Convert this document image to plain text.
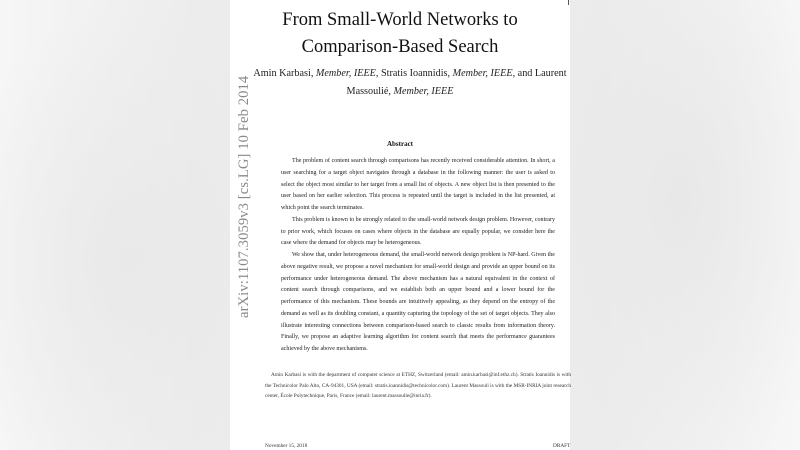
arXiv:1107.3059v3 [cs.LG] 10 Feb 2014
From Small-World Networks to
Comparison-Based Search
Amin Karbasi, Member, IEEE, Stratis Ioannidis, Member, IEEE, and Laurent
Massoulié, Member, IEEE
Abstract

The problem of content search through comparisons has recently received considerable attention. In short, a user searching for a target object navigates through a database in the following manner: the user is asked to select the object most similar to her target from a small list of objects. A new object list is then presented to the user based on her earlier selection. This process is repeated until the target is included in the list presented, at which point the search terminates.

This problem is known to be strongly related to the small-world network design problem. However, contrary to prior work, which focuses on cases where objects in the database are equally popular, we consider here the case where the demand for objects may be heterogeneous.

We show that, under heterogeneous demand, the small-world network design problem is NP-hard. Given the above negative result, we propose a novel mechanism for small-world design and provide an upper bound on its performance under heterogeneous demand. The above mechanism has a natural equivalent in the context of content search through comparisons, and we establish both an upper bound and a lower bound for the performance of this mechanism. These bounds are intuitively appealing, as they depend on the entropy of the demand as well as its doubling constant, a quantity capturing the topology of the set of target objects. They also illustrate interesting connections between comparison-based search to classic results from information theory. Finally, we propose an adaptive learning algorithm for content search that meets the performance guarantees achieved by the above mechanisms.

Amin Karbasi is with the department of computer science at ETHZ, Switzerland (email: amin.karbasi@inf.ethz.ch). Stratis Ioannidis is with the Technicolor Palo Alto, CA-94301, USA (email: stratis.ioannidis@technicolor.com). Laurent Massouli is with the MSR-INRIA joint research center, École Polytechnique, Paris, France (email: laurent.massoulie@inria.fr).
November 15, 2018	DRAFT
